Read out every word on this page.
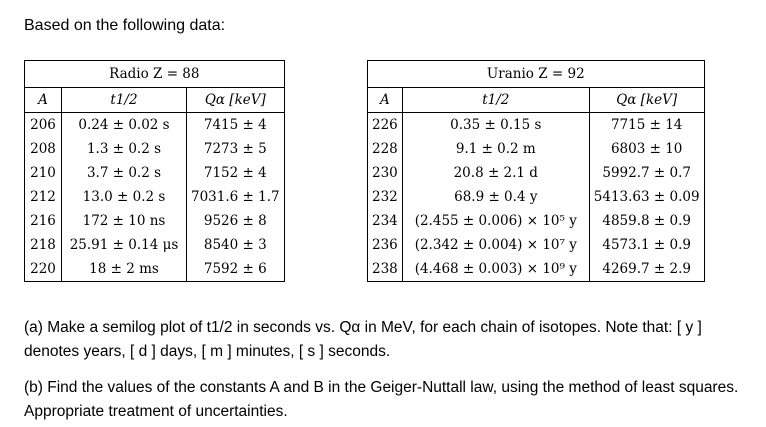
Based on the following data:
Radio Z = 88		
A	t1/2	Qα [keV]
206	0.24 ± 0.02 s	7415 ± 4
208	1.3 ± 0.2 s	7273 ± 5
210	3.7 ± 0.2 s	7152 ± 4
212	13.0 ± 0.2 s	7031.6 ± 1.7
216	172 ± 10 ns	9526 ± 8
218	25.91 ± 0.14 μs	8540 ± 3
220	18 ± 2 ms	7592 ± 6
Uranio Z = 92		
A	t1/2	Qα [keV]
226	0.35 ± 0.15 s	7715 ± 14
228	9.1 ± 0.2 m	6803 ± 10
230	20.8 ± 2.1 d	5992.7 ± 0.7
232	68.9 ± 0.4 y	5413.63 ± 0.09
234	(2.455 ± 0.006) × 10⁵ y	4859.8 ± 0.9
236	(2.342 ± 0.004) × 10⁷ y	4573.1 ± 0.9
238	(4.468 ± 0.003) × 10⁹ y	4269.7 ± 2.9
(a) Make a semilog plot of t1/2 in seconds vs. Qα in MeV, for each chain of isotopes. Note that: [ y ] denotes years, [ d ] days, [ m ] minutes, [ s ] seconds.
(b) Find the values of the constants A and B in the Geiger-Nuttall law, using the method of least squares. Appropriate treatment of uncertainties.
